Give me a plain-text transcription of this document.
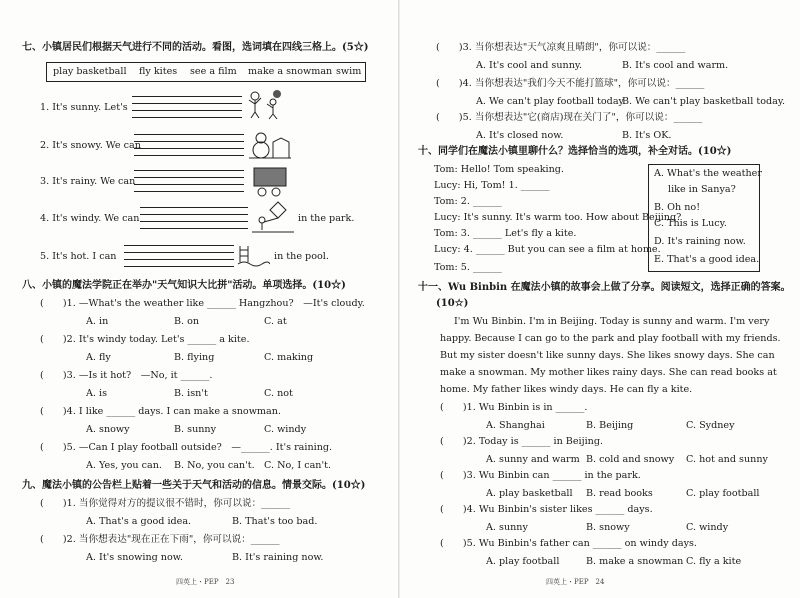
七、小镇居民们根据天气进行不同的活动。看图，选词填在四线三格上。(5☆)
play basketball fly kites see a film make a snowman swim
1. It's sunny. Let's
2. It's snowy. We can
3. It's rainy. We can
4. It's windy. We can	in the park.
5. It's hot. I can	in the pool.
八、小镇的魔法学院正在举办"天气知识大比拼"活动。单项选择。(10☆)
(　　)1. —What's the weather like ______ Hangzhou?　—It's cloudy.
A. in	B. on	C. at
(　　)2. It's windy today. Let's ______ a kite.
A. fly	B. flying	C. making
(　　)3. —Is it hot?　—No, it ______.
A. is	B. isn't	C. not
(　　)4. I like ______ days. I can make a snowman.
A. snowy	B. sunny	C. windy
(　　)5. —Can I play football outside?　—______. It's raining.
A. Yes, you can. B. No, you can't. C. No, I can't.
九、魔法小镇的公告栏上贴着一些关于天气和活动的信息。情景交际。(10☆)
(　　)1. 当你觉得对方的提议很不错时，你可以说：______
A. That's a good idea.	B. That's too bad.
(　　)2. 当你想表达"现在正在下雨"，你可以说：______
A. It's snowing now.	B. It's raining now.
四英上・PEP　23
(　　)3. 当你想表达"天气凉爽且晴朗"，你可以说：______
A. It's cool and sunny.	B. It's cool and warm.
(　　)4. 当你想表达"我们今天不能打篮球"，你可以说：______
A. We can't play football today.
B. We can't play basketball today.
(　　)5. 当你想表达"它(商店)现在关门了"，你可以说：______
A. It's closed now.	B. It's OK.
十、同学们在魔法小镇里聊什么？选择恰当的选项，补全对话。(10☆)
Tom: Hello! Tom speaking.
Lucy: Hi, Tom! 1. ______
Tom: 2. ______
Lucy: It's sunny. It's warm too. How about Beijing?
Tom: 3. ______ Let's fly a kite.
Lucy: 4. ______ But you can see a film at home.
Tom: 5. ______
A. What's the weather
like in Sanya?
B. Oh no!
C. This is Lucy.
D. It's raining now.
E. That's a good idea.
十一、Wu Binbin 在魔法小镇的故事会上做了分享。阅读短文，选择正确的答案。
(10☆)
I'm Wu Binbin. I'm in Beijing. Today is sunny and warm. I'm very
happy. Because I can go to the park and play football with my friends.
But my sister doesn't like sunny days. She likes snowy days. She can
make a snowman. My mother likes rainy days. She can read books at
home. My father likes windy days. He can fly a kite.
(　　)1. Wu Binbin is in ______.
A. Shanghai	B. Beijing	C. Sydney
(　　)2. Today is ______ in Beijing.
A. sunny and warm B. cold and snowy C. hot and sunny
(　　)3. Wu Binbin can ______ in the park.
A. play basketball B. read books	C. play football
(　　)4. Wu Binbin's sister likes ______ days.
A. sunny	B. snowy	C. windy
(　　)5. Wu Binbin's father can ______ on windy days.
A. play football	B. make a snowman C. fly a kite
四英上・PEP　24
